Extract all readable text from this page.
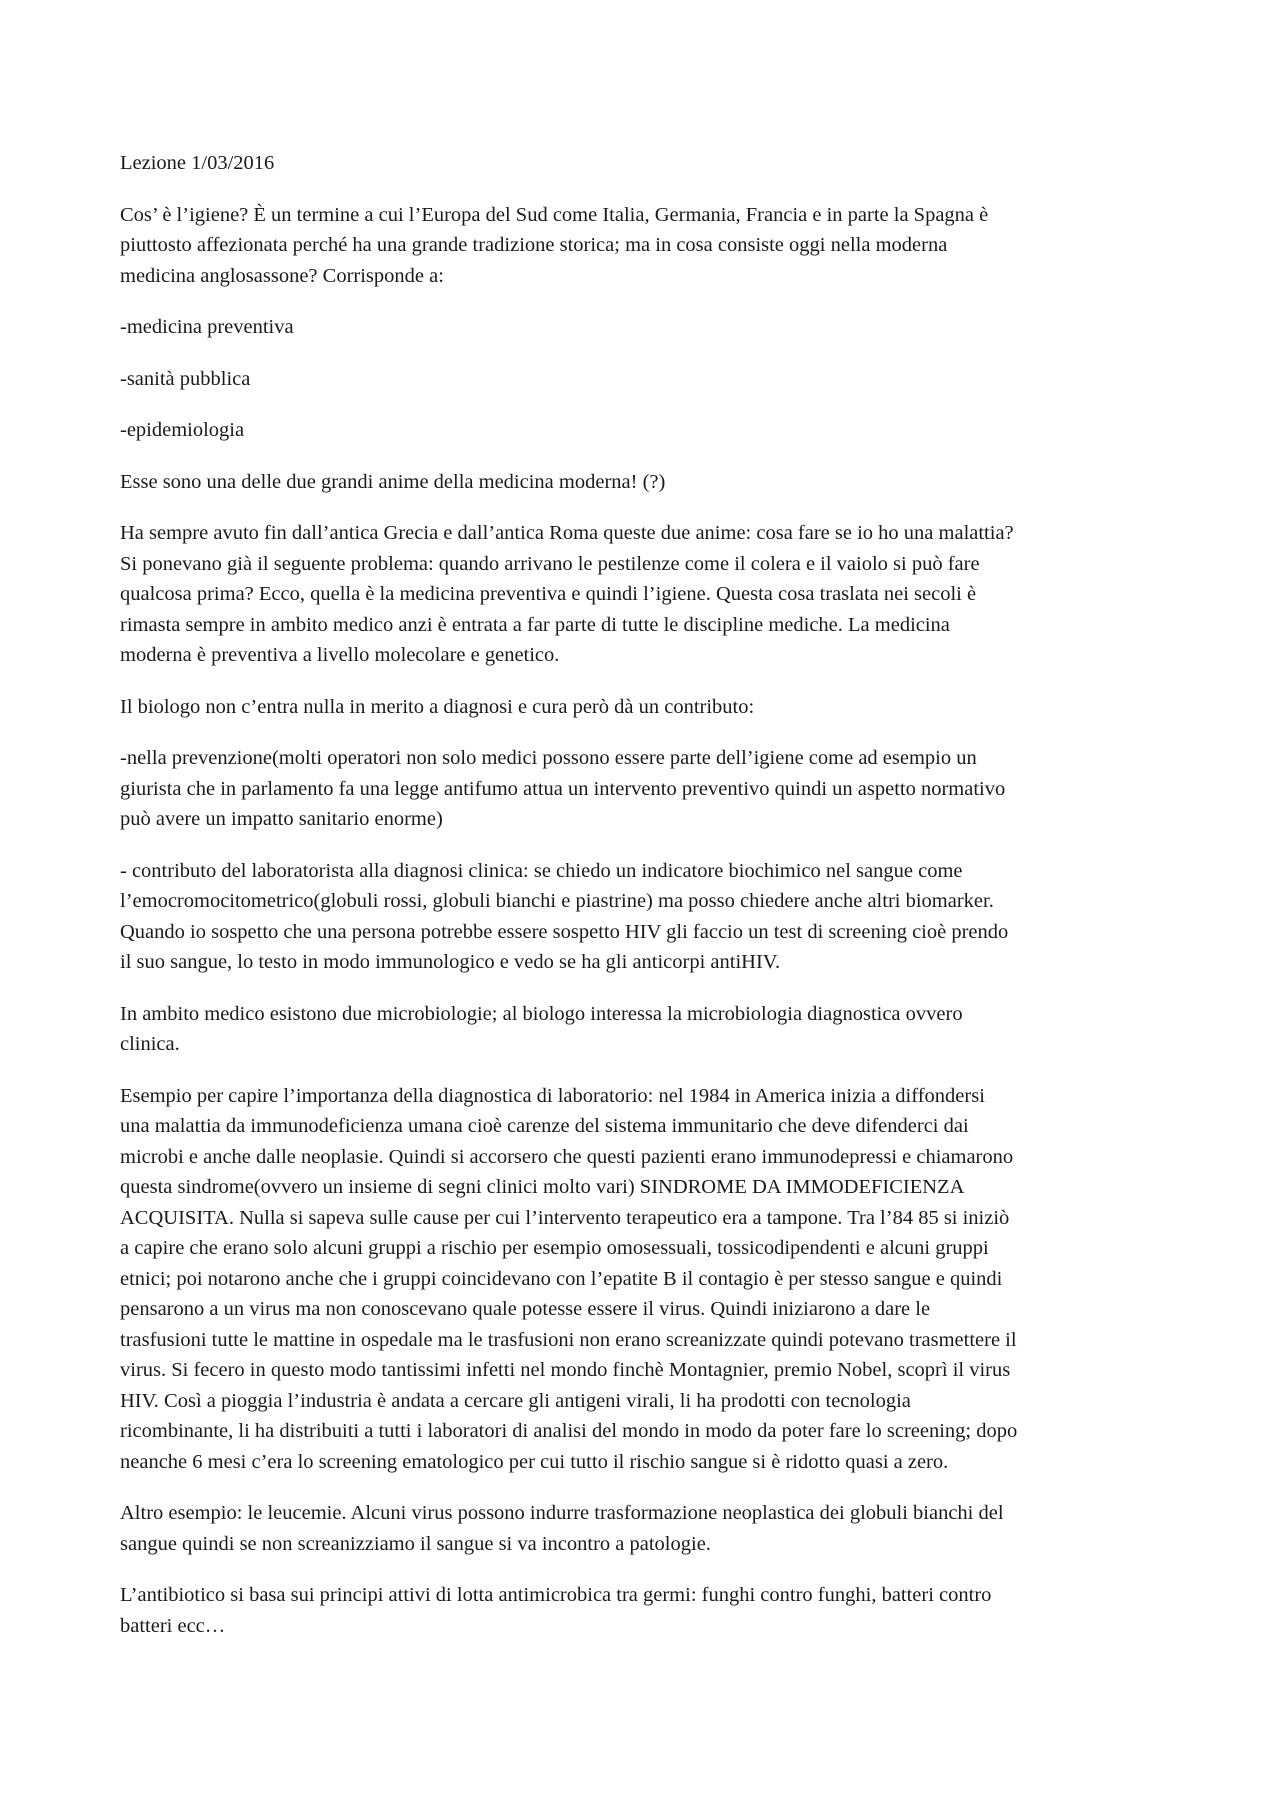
Lezione 1/03/2016

Cos’ è l’igiene? È un termine a cui l’Europa del Sud come Italia, Germania, Francia e in parte la Spagna è
piuttosto affezionata perché ha una grande tradizione storica; ma in cosa consiste oggi nella moderna
medicina anglosassone? Corrisponde a:

-medicina preventiva

-sanità pubblica

-epidemiologia

Esse sono una delle due grandi anime della medicina moderna! (?)

Ha sempre avuto fin dall’antica Grecia e dall’antica Roma queste due anime: cosa fare se io ho una malattia?
Si ponevano già il seguente problema: quando arrivano le pestilenze come il colera e il vaiolo si può fare
qualcosa prima? Ecco, quella è la medicina preventiva e quindi l’igiene. Questa cosa traslata nei secoli è
rimasta sempre in ambito medico anzi è entrata a far parte di tutte le discipline mediche. La medicina
moderna è preventiva a livello molecolare e genetico.

Il biologo non c’entra nulla in merito a diagnosi e cura però dà un contributo:

-nella prevenzione(molti operatori non solo medici possono essere parte dell’igiene come ad esempio un
giurista che in parlamento fa una legge antifumo attua un intervento preventivo quindi un aspetto normativo
può avere un impatto sanitario enorme)

- contributo del laboratorista alla diagnosi clinica: se chiedo un indicatore biochimico nel sangue come
l’emocromocitometrico(globuli rossi, globuli bianchi e piastrine) ma posso chiedere anche altri biomarker.
Quando io sospetto che una persona potrebbe essere sospetto HIV gli faccio un test di screening cioè prendo
il suo sangue, lo testo in modo immunologico e vedo se ha gli anticorpi antiHIV.

In ambito medico esistono due microbiologie; al biologo interessa la microbiologia diagnostica ovvero
clinica.

Esempio per capire l’importanza della diagnostica di laboratorio: nel 1984 in America inizia a diffondersi
una malattia da immunodeficienza umana cioè carenze del sistema immunitario che deve difenderci dai
microbi e anche dalle neoplasie. Quindi si accorsero che questi pazienti erano immunodepressi e chiamarono
questa sindrome(ovvero un insieme di segni clinici molto vari) SINDROME DA IMMODEFICIENZA
ACQUISITA. Nulla si sapeva sulle cause per cui l’intervento terapeutico era a tampone. Tra l’84 85 si iniziò
a capire che erano solo alcuni gruppi a rischio per esempio omosessuali, tossicodipendenti e alcuni gruppi
etnici; poi notarono anche che i gruppi coincidevano con l’epatite B il contagio è per stesso sangue e quindi
pensarono a un virus ma non conoscevano quale potesse essere il virus. Quindi iniziarono a dare le
trasfusioni tutte le mattine in ospedale ma le trasfusioni non erano screanizzate quindi potevano trasmettere il
virus. Si fecero in questo modo tantissimi infetti nel mondo finchè Montagnier, premio Nobel, scoprì il virus
HIV. Così a pioggia l’industria è andata a cercare gli antigeni virali, li ha prodotti con tecnologia
ricombinante, li ha distribuiti a tutti i laboratori di analisi del mondo in modo da poter fare lo screening; dopo
neanche 6 mesi c’era lo screening ematologico per cui tutto il rischio sangue si è ridotto quasi a zero.

Altro esempio: le leucemie. Alcuni virus possono indurre trasformazione neoplastica dei globuli bianchi del
sangue quindi se non screanizziamo il sangue si va incontro a patologie.

L’antibiotico si basa sui principi attivi di lotta antimicrobica tra germi: funghi contro funghi, batteri contro
batteri ecc…
